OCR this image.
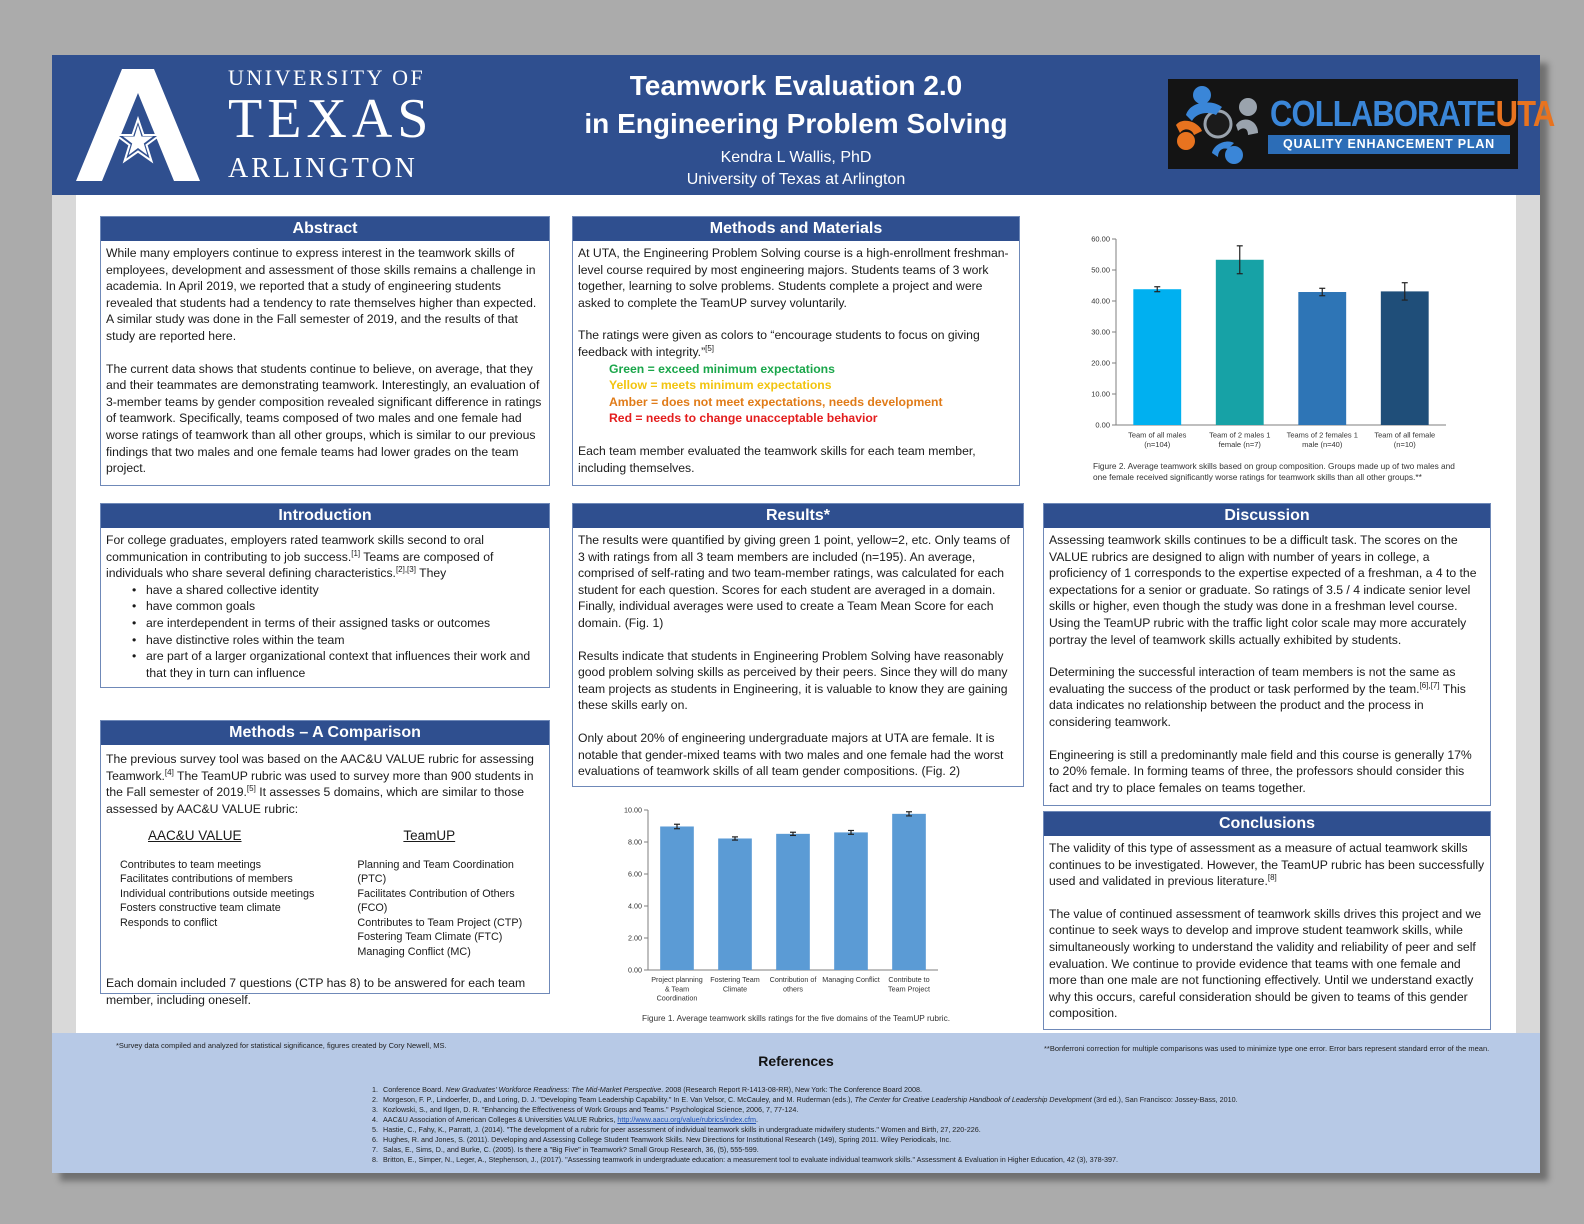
UNIVERSITY OF
TEXAS
ARLINGTON
Teamwork Evaluation 2.0
in Engineering Problem Solving
Kendra L Wallis, PhD
University of Texas at Arlington
COLLABORATEUTA
QUALITY ENHANCEMENT PLAN
Abstract

While many employers continue to express interest in the teamwork skills of employees, development and assessment of those skills remains a challenge in academia. In April 2019, we reported that a study of engineering students revealed that students had a tendency to rate themselves higher than expected. A similar study was done in the Fall semester of 2019, and the results of that study are reported here.

The current data shows that students continue to believe, on average, that they and their teammates are demonstrating teamwork. Interestingly, an evaluation of 3-member teams by gender composition revealed significant difference in ratings of teamwork. Specifically, teams composed of two males and one female had worse ratings of teamwork than all other groups, which is similar to our previous findings that two males and one female teams had lower grades on the team project.

Introduction
For college graduates, employers rated teamwork skills second to oral communication in contributing to job success.[1] Teams are composed of individuals who share several defining characteristics.[2],[3] They
• have a shared collective identity
• have common goals
• are interdependent in terms of their assigned tasks or outcomes
• have distinctive roles within the team
• are part of a larger organizational context that influences their work and that they in turn can influence
Methods – A Comparison
The previous survey tool was based on the AAC&U VALUE rubric for assessing Teamwork.[4] The TeamUP rubric was used to survey more than 900 students in the Fall semester of 2019.[5] It assesses 5 domains, which are similar to those assessed by AAC&U VALUE rubric:
AAC&U VALUE
Contributes to team meetings
Facilitates contributions of members
Individual contributions outside meetings
Fosters constructive team climate
Responds to conflict
TeamUP
Planning and Team Coordination (PTC)
Facilitates Contribution of Others (FCO)
Contributes to Team Project (CTP)
Fostering Team Climate (FTC)
Managing Conflict (MC)

Each domain included 7 questions (CTP has 8) to be answered for each team member, including oneself.

Methods and Materials

At UTA, the Engineering Problem Solving course is a high-enrollment freshman-level course required by most engineering majors. Students teams of 3 work together, learning to solve problems. Students complete a project and were asked to complete the TeamUP survey voluntarily.

The ratings were given as colors to “encourage students to focus on giving feedback with integrity.”[5]
Green = exceed minimum expectations
Yellow = meets minimum expectations
Amber = does not meet expectations, needs development
Red = needs to change unacceptable behavior

Each team member evaluated the teamwork skills for each team member, including themselves.

Results*

The results were quantified by giving green 1 point, yellow=2, etc. Only teams of 3 with ratings from all 3 team members are included (n=195). An average, comprised of self-rating and two team-member ratings, was calculated for each student for each question. Scores for each student are averaged in a domain. Finally, individual averages were used to create a Team Mean Score for each domain. (Fig. 1)

Results indicate that students in Engineering Problem Solving have reasonably good problem solving skills as perceived by their peers. Since they will do many team projects as students in Engineering, it is valuable to know they are gaining these skills early on.

Only about 20% of engineering undergraduate majors at UTA are female. It is notable that gender-mixed teams with two males and one female had the worst evaluations of teamwork skills of all team gender compositions. (Fig. 2)

0.00
2.00
4.00
6.00
8.00
10.00
Project planning
& Team
Coordination
Fostering Team
Climate
Contribution of
others
Managing Conflict Contribute to
Team Project
Figure 1. Average teamwork skills ratings for the five domains of the TeamUP rubric.
0.00
10.00
20.00
30.00
40.00
50.00
60.00
Team of all males
(n=104)
Team of 2 males 1
female (n=7)
Teams of 2 females 1
male (n=40)
Team of all female
(n=10)
Figure 2. Average teamwork skills based on group composition. Groups made up of two males and
one female received significantly worse ratings for teamwork skills than all other groups.**
Discussion

Assessing teamwork skills continues to be a difficult task. The scores on the VALUE rubrics are designed to align with number of years in college, a proficiency of 1 corresponds to the expertise expected of a freshman, a 4 to the expectations for a senior or graduate. So ratings of 3.5 / 4 indicate senior level skills or higher, even though the study was done in a freshman level course. Using the TeamUP rubric with the traffic light color scale may more accurately portray the level of teamwork skills actually exhibited by students.

Determining the successful interaction of team members is not the same as evaluating the success of the product or task performed by the team.[6],[7] This data indicates no relationship between the product and the process in considering teamwork.

Engineering is still a predominantly male field and this course is generally 17% to 20% female. In forming teams of three, the professors should consider this fact and try to place females on teams together.

Conclusions

The validity of this type of assessment as a measure of actual teamwork skills continues to be investigated. However, the TeamUP rubric has been successfully used and validated in previous literature.[8]

The value of continued assessment of teamwork skills drives this project and we continue to seek ways to develop and improve student teamwork skills, while simultaneously working to understand the validity and reliability of peer and self evaluation. We continue to provide evidence that teams with one female and more than one male are not functioning effectively. Until we understand exactly why this occurs, careful consideration should be given to teams of this gender composition.

*Survey data compiled and analyzed for statistical significance, figures created by Cory Newell, MS.	**Bonferroni correction for multiple comparisons was used to minimize type one error. Error bars represent standard error of the mean.
References
1. Conference Board. New Graduates' Workforce Readiness: The Mid-Market Perspective. 2008 (Research Report R-1413-08-RR), New York: The Conference Board 2008.
2. Morgeson, F. P., Lindoerfer, D., and Loring, D. J. "Developing Team Leadership Capability." In E. Van Velsor, C. McCauley, and M. Ruderman (eds.), The Center for Creative Leadership Handbook of Leadership Development (3rd ed.), San Francisco: Jossey-Bass, 2010.
3. Kozlowski, S., and Ilgen, D. R. "Enhancing the Effectiveness of Work Groups and Teams." Psychological Science, 2006, 7, 77-124.
4. AAC&U Association of American Colleges & Universities VALUE Rubrics, http://www.aacu.org/value/rubrics/index.cfm.
5. Hastie, C., Fahy, K., Parratt, J. (2014). "The development of a rubric for peer assessment of individual teamwork skills in undergraduate midwifery students." Women and Birth, 27, 220-226.
6. Hughes, R. and Jones, S. (2011). Developing and Assessing College Student Teamwork Skills. New Directions for Institutional Research (149), Spring 2011. Wiley Periodicals, Inc.
7. Salas, E., Sims, D., and Burke, C. (2005). Is there a "Big Five" in Teamwork? Small Group Research, 36, (5), 555-599.
8. Britton, E., Simper, N., Leger, A., Stephenson, J., (2017). "Assessing teamwork in undergraduate education: a measurement tool to evaluate individual teamwork skills." Assessment & Evaluation in Higher Education, 42 (3), 378-397.
